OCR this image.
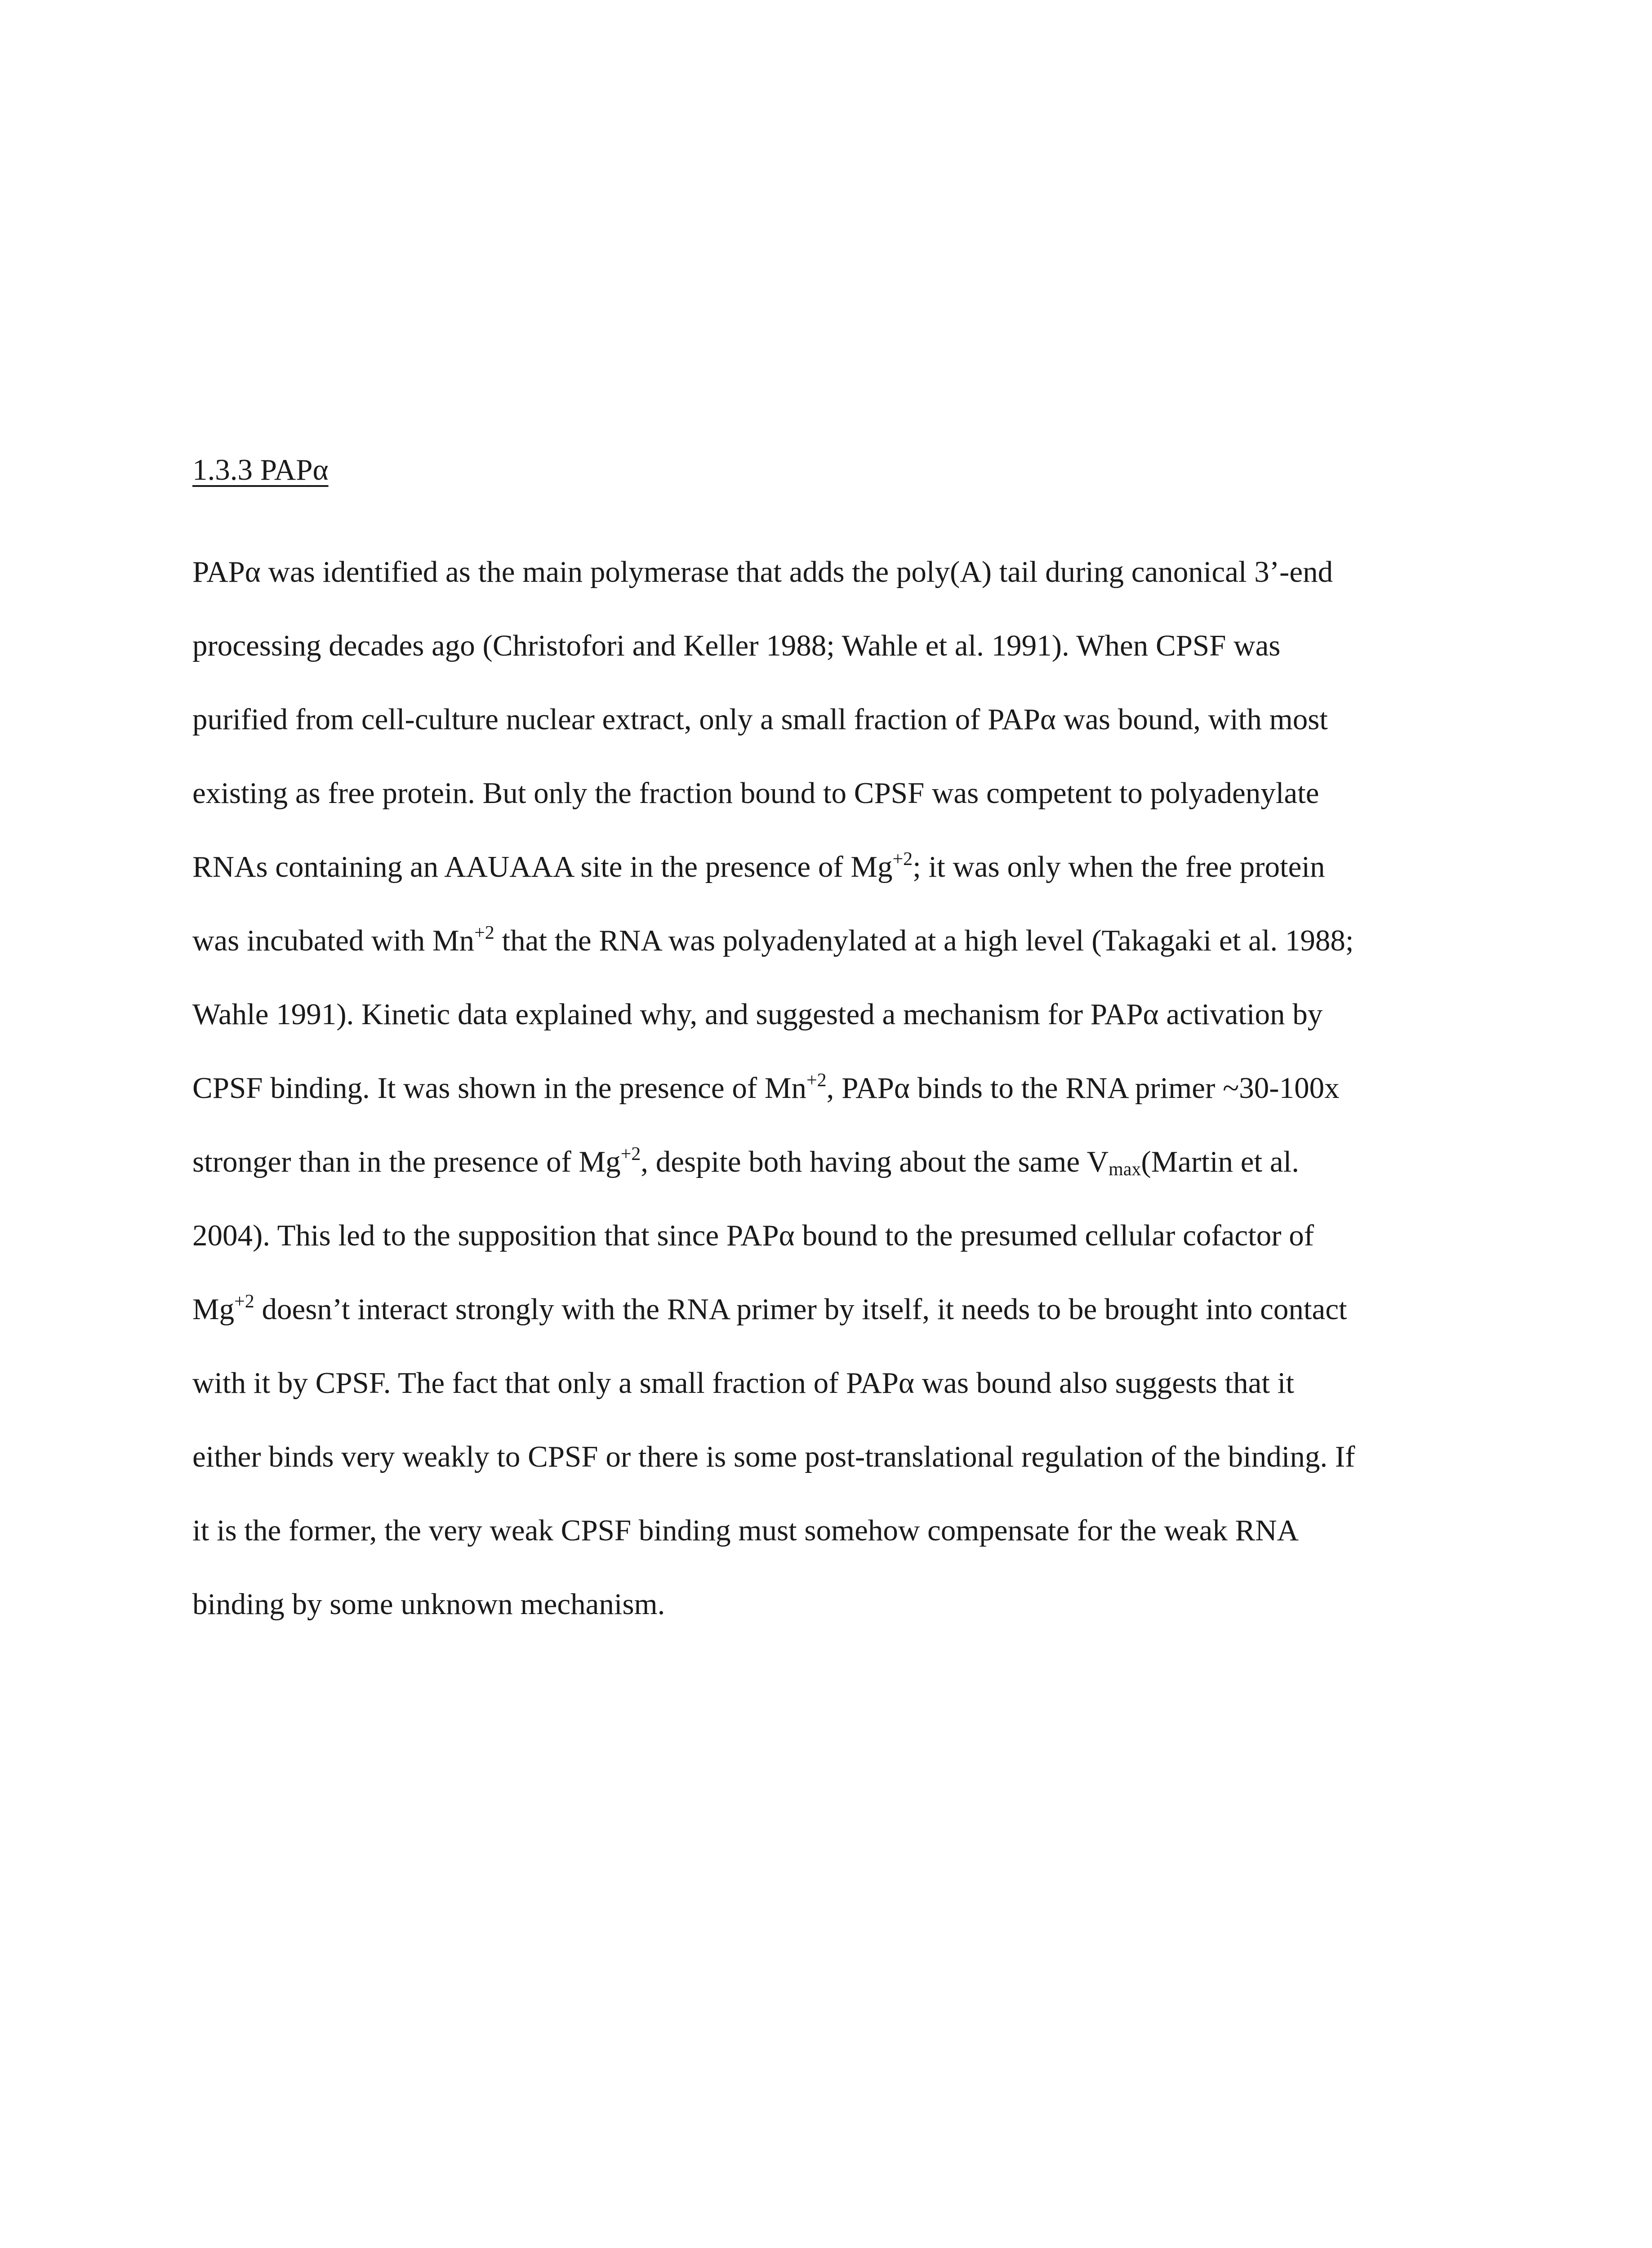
1.3.3 PAPα
PAPα was identified as the main polymerase that adds the poly(A) tail during canonical 3’-end
processing decades ago (Christofori and Keller 1988; Wahle et al. 1991). When CPSF was
purified from cell-culture nuclear extract, only a small fraction of PAPα was bound, with most
existing as free protein. But only the fraction bound to CPSF was competent to polyadenylate
RNAs containing an AAUAAA site in the presence of $Mg^{+2}$; it was only when the free protein
was incubated with $Mn^{+2}$ that the RNA was polyadenylated at a high level (Takagaki et al. 1988;
Wahle 1991). Kinetic data explained why, and suggested a mechanism for PAPα activation by
CPSF binding. It was shown in the presence of $Mn^{+2}$, PAPα binds to the RNA primer ~30-100x
stronger than in the presence of $Mg^{+2}$, despite both having about the same $V_{max}(Martin$ et al.
2004). This led to the supposition that since PAPα bound to the presumed cellular cofactor of
$Mg^{+2}$ doesn’t interact strongly with the RNA primer by itself, it needs to be brought into contact
with it by CPSF. The fact that only a small fraction of PAPα was bound also suggests that it
either binds very weakly to CPSF or there is some post-translational regulation of the binding. If
it is the former, the very weak CPSF binding must somehow compensate for the weak RNA
binding by some unknown mechanism.
